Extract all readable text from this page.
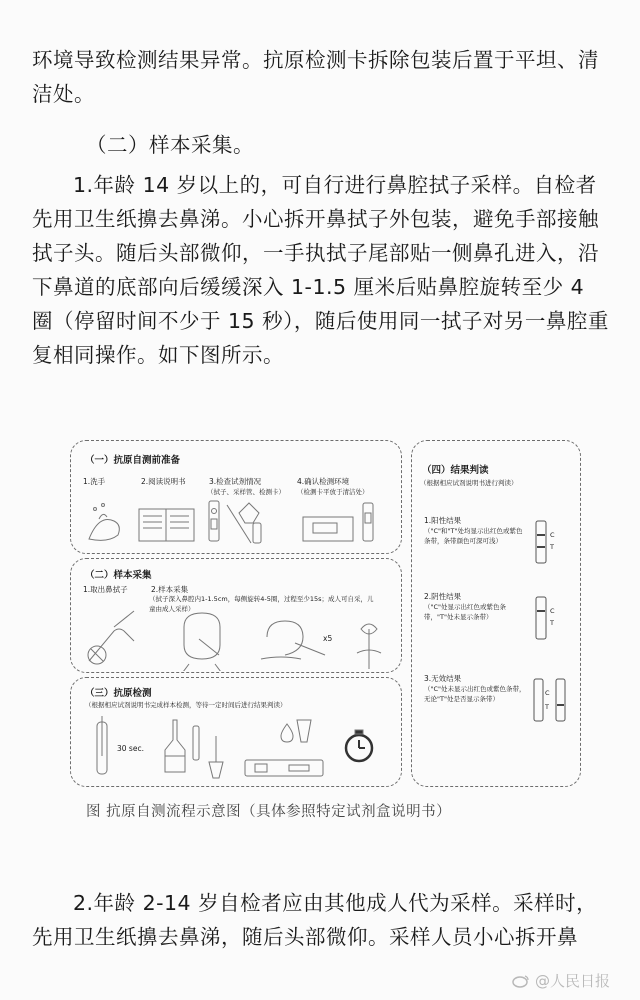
环境导致检测结果异常。抗原检测卡拆除包装后置于平坦、清洁处。
（二）样本采集。
1.年龄 14 岁以上的，可自行进行鼻腔拭子采样。自检者先用卫生纸擤去鼻涕。小心拆开鼻拭子外包装，避免手部接触拭子头。随后头部微仰，一手执拭子尾部贴一侧鼻孔进入，沿下鼻道的底部向后缓缓深入 1-1.5 厘米后贴鼻腔旋转至少 4 圈（停留时间不少于 15 秒），随后使用同一拭子对另一鼻腔重复相同操作。如下图所示。
（一）抗原自测前准备
1.洗手	2.阅读说明书	3.检查试剂情况	4.确认检测环境
（拭子、采样管、检测卡） （检测卡平放于清洁处）
（二）样本采集
1.取出鼻拭子	2.样本采集
（拭子深入鼻腔内1-1.5cm，每侧旋转4-5圈，过程至少15s；成人可自采，儿童由成人采样）
x5
（三）抗原检测
（根据相应试剂说明书完成样本检测，等待一定时间后进行结果判读）
30 sec.
（四）结果判读
（根据相应试剂说明书进行判读）
1.阳性结果
（"C"和"T"处均显示出红色或紫色条带，条带颜色可深可浅）
C
T
2.阴性结果
（"C"处显示出红色或紫色条带，"T"处未显示条带）
C
T
3.无效结果
（"C"处未显示出红色或紫色条带，无论"T"处是否显示条带）
C
T
图 抗原自测流程示意图（具体参照特定试剂盒说明书）
2.年龄 2-14 岁自检者应由其他成人代为采样。采样时，先用卫生纸擤去鼻涕，随后头部微仰。采样人员小心拆开鼻
@人民日报
